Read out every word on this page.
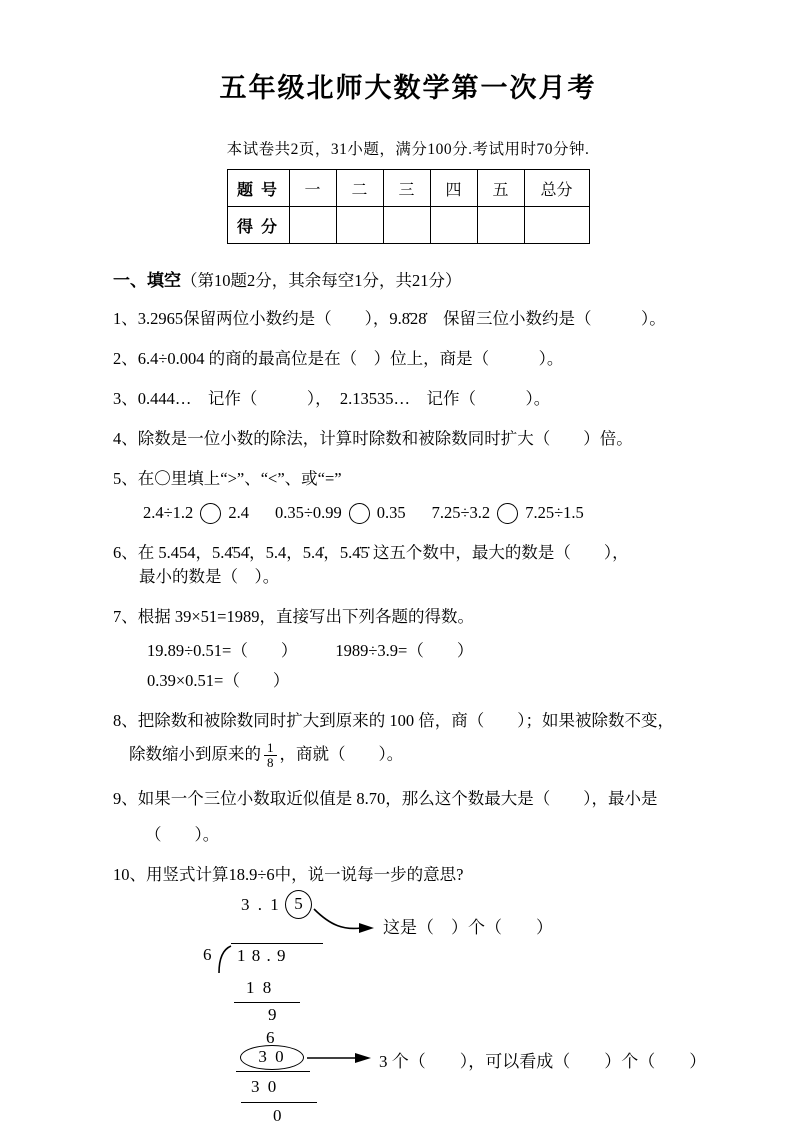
五年级北师大数学第一次月考

本试卷共2页，31小题，满分100分.考试用时70分钟.

题 号	一	二	三	四	五	总分
得 分						
一、填空（第10题2分，其余每空1分，共21分）
1、3.2965保留两位小数约是（　　），9.8̇28̇　保留三位小数约是（　　　）。
2、6.4÷0.004 的商的最高位是在（　）位上，商是（　　　）。
3、0.444…　记作（　　　），　2.13535…　记作（　　　）。
4、除数是一位小数的除法，计算时除数和被除数同时扩大（　　）倍。
5、在〇里填上“>”、“<”、或“=”
2.4÷1.2 2.4 0.35÷0.99 0.35 7.25÷3.2 7.25÷1.5
6、在 5.454，5.4̇54̇，5.4，5.4̇，5.4̇5̇ 这五个数中，最大的数是（　　），
最小的数是（　）。
7、根据 39×51=1989，直接写出下列各题的得数。
19.89÷0.51=（　　） 1989÷3.9=（　　）
0.39×0.51=（　　）
8、把除数和被除数同时扩大到原来的 100 倍，商（　　）；如果被除数不变，
除数缩小到原来的 $\frac{1}{8}$ ，商就（　　）。
9、如果一个三位小数取近似值是 8.70，那么这个数最大是（　　），最小是
（　　）。
10、用竖式计算18.9÷6中，说一说每一步的意思?
3 . 1 5
这是（　）个（　　）
6 1 8 . 9
1 8
9
6
3 0	3 个（　　），可以看成（　　）个（　　）
3 0
0
